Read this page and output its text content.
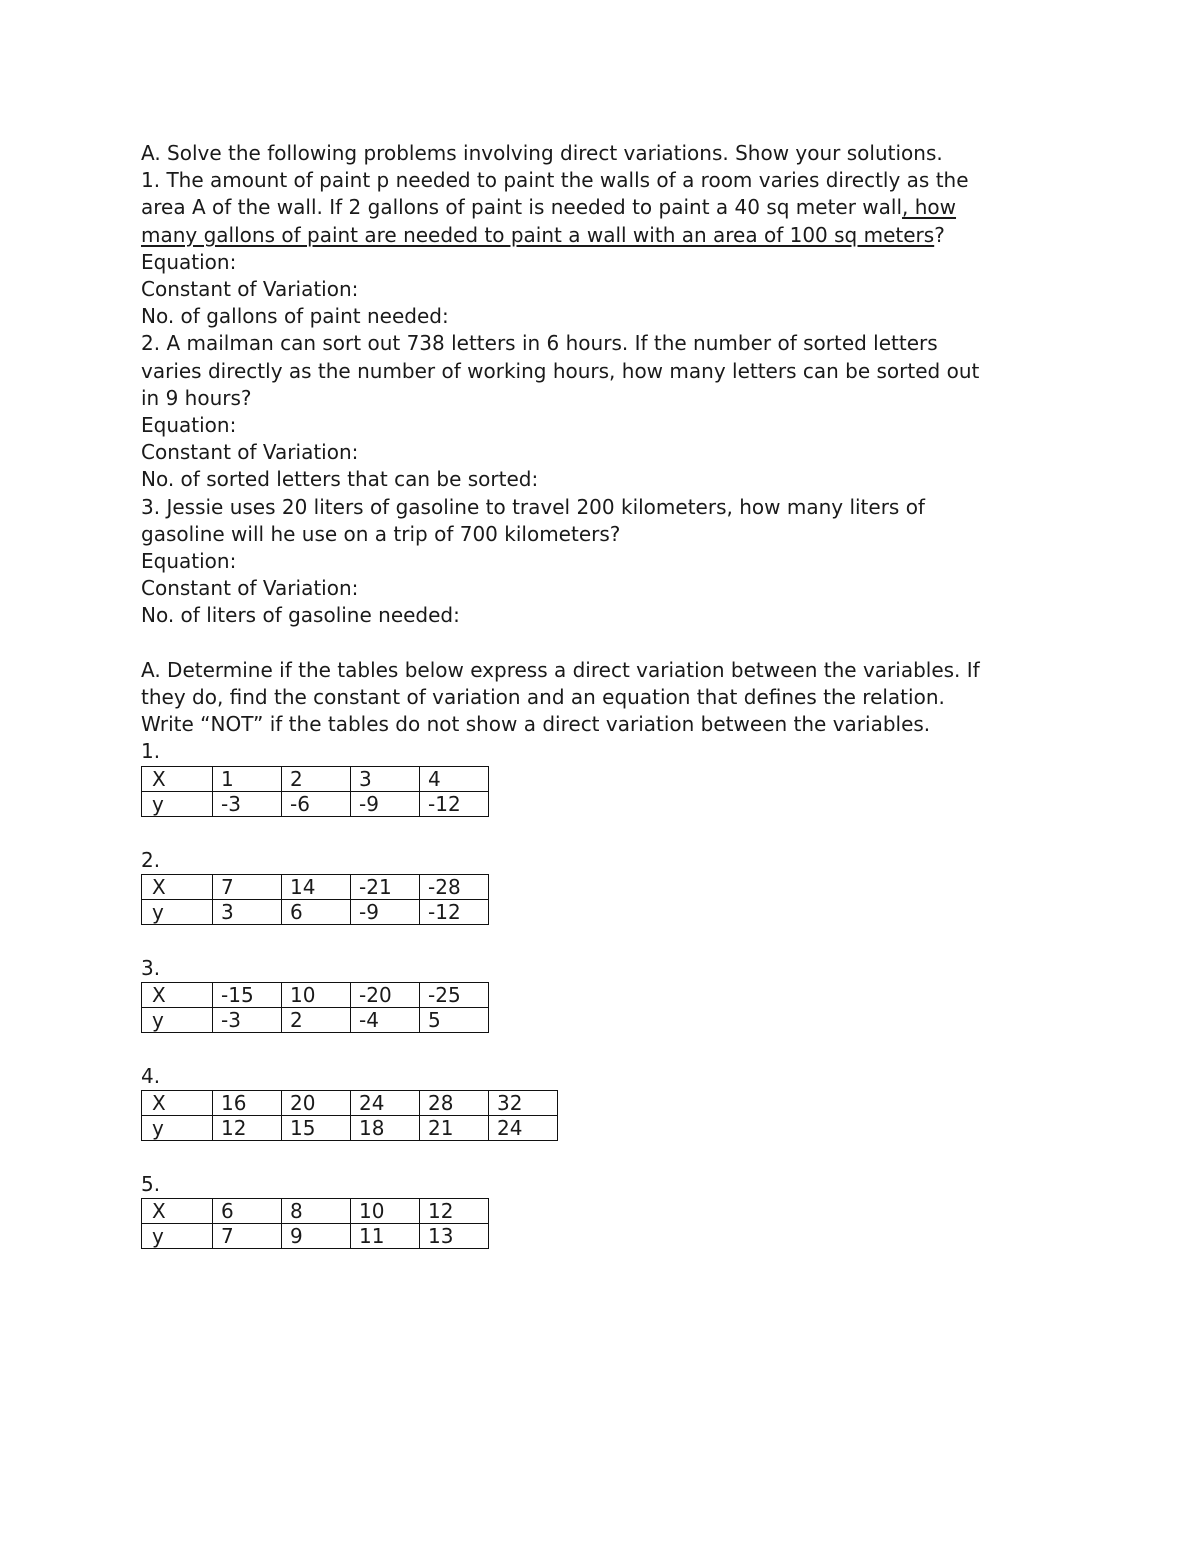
A. Solve the following problems involving direct variations. Show your solutions.

1. The amount of paint p needed to paint the walls of a room varies directly as the

area A of the wall. If 2 gallons of paint is needed to paint a 40 sq meter wall, how

many gallons of paint are needed to paint a wall with an area of 100 sq meters?

Equation:

Constant of Variation:

No. of gallons of paint needed:

2. A mailman can sort out 738 letters in 6 hours. If the number of sorted letters

varies directly as the number of working hours, how many letters can be sorted out

in 9 hours?

Equation:

Constant of Variation:

No. of sorted letters that can be sorted:

3. Jessie uses 20 liters of gasoline to travel 200 kilometers, how many liters of

gasoline will he use on a trip of 700 kilometers?

Equation:

Constant of Variation:

No. of liters of gasoline needed:

A. Determine if the tables below express a direct variation between the variables. If

they do, find the constant of variation and an equation that defines the relation.

Write “NOT” if the tables do not show a direct variation between the variables.

1.

X	1	2	3	4
y	-3	-6	-9	-12

2.

X	7	14	-21	-28
y	3	6	-9	-12

3.

X	-15	10	-20	-25
y	-3	2	-4	5

4.

X	16	20	24	28	32
y	12	15	18	21	24

5.

X	6	8	10	12
y	7	9	11	13
